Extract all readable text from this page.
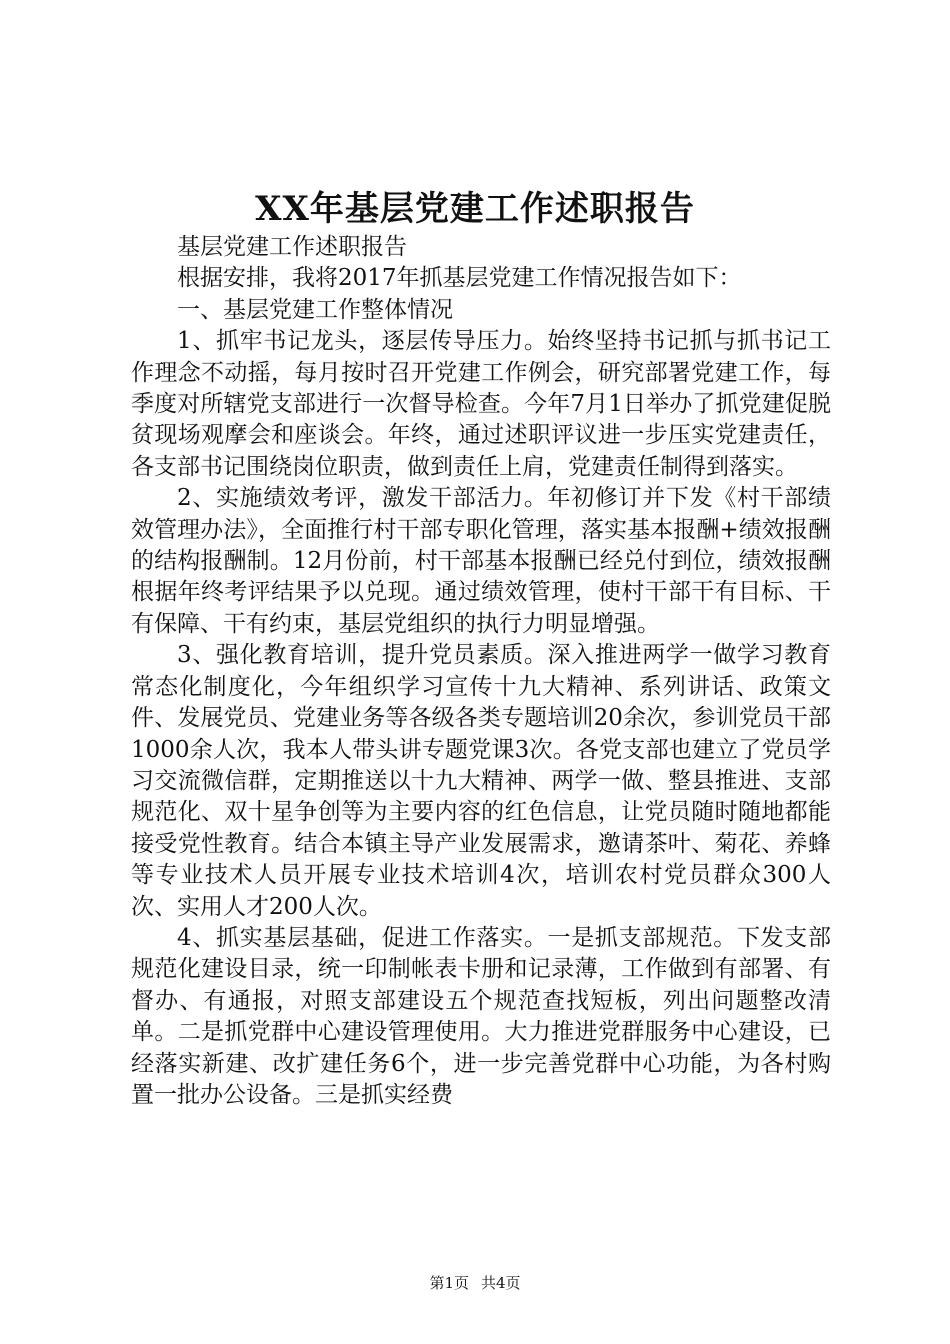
XX年基层党建工作述职报告

基层党建工作述职报告

根据安排，我将2017年抓基层党建工作情况报告如下：

一、基层党建工作整体情况

1、抓牢书记龙头，逐层传导压力。始终坚持书记抓与抓书记工作理念不动摇，每月按时召开党建工作例会，研究部署党建工作，每季度对所辖党支部进行一次督导检查。今年7月1日举办了抓党建促脱贫现场观摩会和座谈会。年终，通过述职评议进一步压实党建责任，各支部书记围绕岗位职责，做到责任上肩，党建责任制得到落实。

2、实施绩效考评，激发干部活力。年初修订并下发《村干部绩效管理办法》，全面推行村干部专职化管理，落实基本报酬+绩效报酬的结构报酬制。12月份前，村干部基本报酬已经兑付到位，绩效报酬根据年终考评结果予以兑现。通过绩效管理，使村干部干有目标、干有保障、干有约束，基层党组织的执行力明显增强。

3、强化教育培训，提升党员素质。深入推进两学一做学习教育常态化制度化，今年组织学习宣传十九大精神、系列讲话、政策文件、发展党员、党建业务等各级各类专题培训20余次，参训党员干部1000余人次，我本人带头讲专题党课3次。各党支部也建立了党员学习交流微信群，定期推送以十九大精神、两学一做、整县推进、支部规范化、双十星争创等为主要内容的红色信息，让党员随时随地都能接受党性教育。结合本镇主导产业发展需求，邀请茶叶、菊花、养蜂等专业技术人员开展专业技术培训4次，培训农村党员群众300人次、实用人才200人次。

4、抓实基层基础，促进工作落实。一是抓支部规范。下发支部规范化建设目录，统一印制帐表卡册和记录薄，工作做到有部署、有督办、有通报，对照支部建设五个规范查找短板，列出问题整改清单。二是抓党群中心建设管理使用。大力推进党群服务中心建设，已经落实新建、改扩建任务6个，进一步完善党群中心功能，为各村购置一批办公设备。三是抓实经费

第1页 共4页
